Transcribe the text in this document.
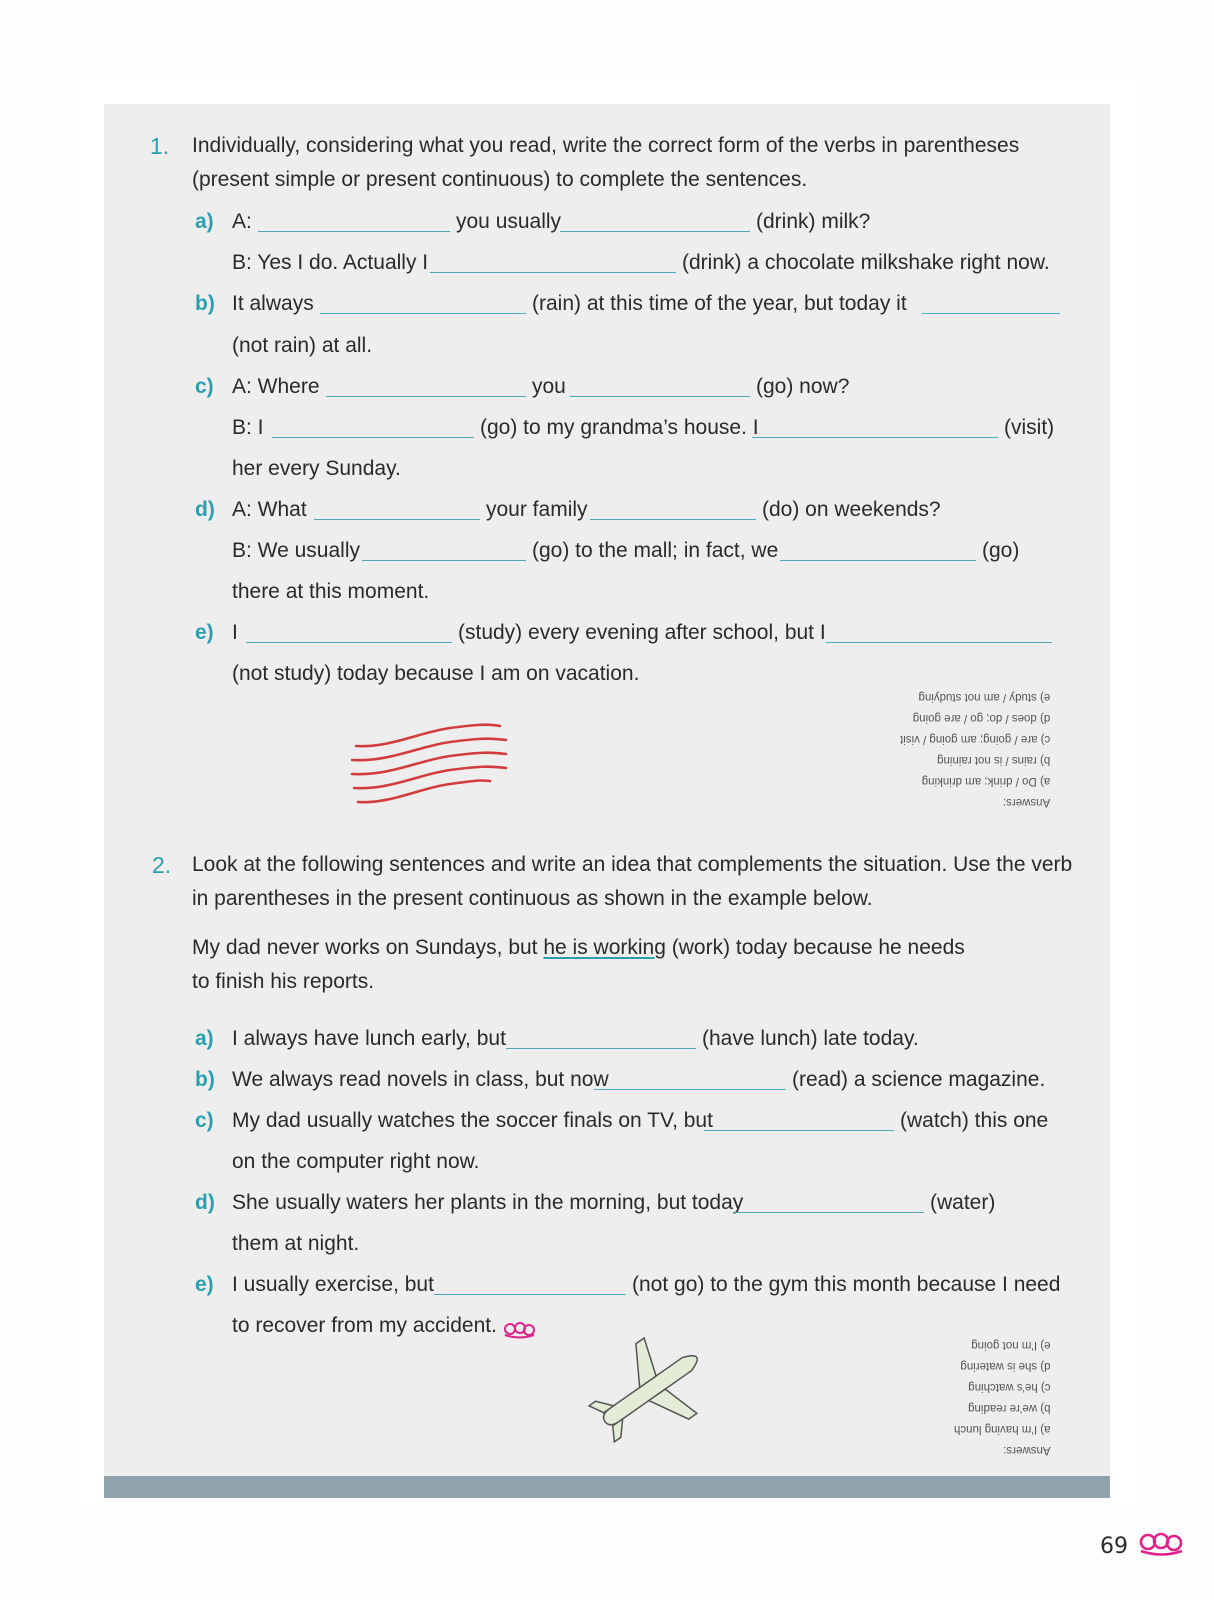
1. Individually, considering what you read, write the correct form of the verbs in parentheses
(present simple or present continuous) to complete the sentences.
a) A:	you usually	(drink) milk?
B: Yes I do. Actually I	(drink) a chocolate milkshake right now.
b) It always	(rain) at this time of the year, but today it
(not rain) at all.
c) A: Where	you	(go) now?
B: I	(go) to my grandma’s house. I	(visit)
her every Sunday.
d) A: What	your family	(do) on weekends?
B: We usually	(go) to the mall; in fact, we	(go)
there at this moment.
e) I	(study) every evening after school, but I
(not study) today because I am on vacation.
Answers:
a) Do / drink; am drinking
b) rains / is not raining
c) are / going; am going / visit
d) does / do; go / are going
e) study / am not studying
2. Look at the following sentences and write an idea that complements the situation. Use the verb
in parentheses in the present continuous as shown in the example below.
My dad never works on Sundays, but he is working (work) today because he needs
to finish his reports.
a) I always have lunch early, but	(have lunch) late today.
b) We always read novels in class, but now	(read) a science magazine.
c) My dad usually watches the soccer finals on TV, but	(watch) this one
on the computer right now.
d) She usually waters her plants in the morning, but today	(water)
them at night.
e) I usually exercise, but	(not go) to the gym this month because I need
to recover from my accident.
Answers:
a) I’m having lunch
b) we’re reading
c) he’s watching
d) she is watering
e) I’m not going
69
